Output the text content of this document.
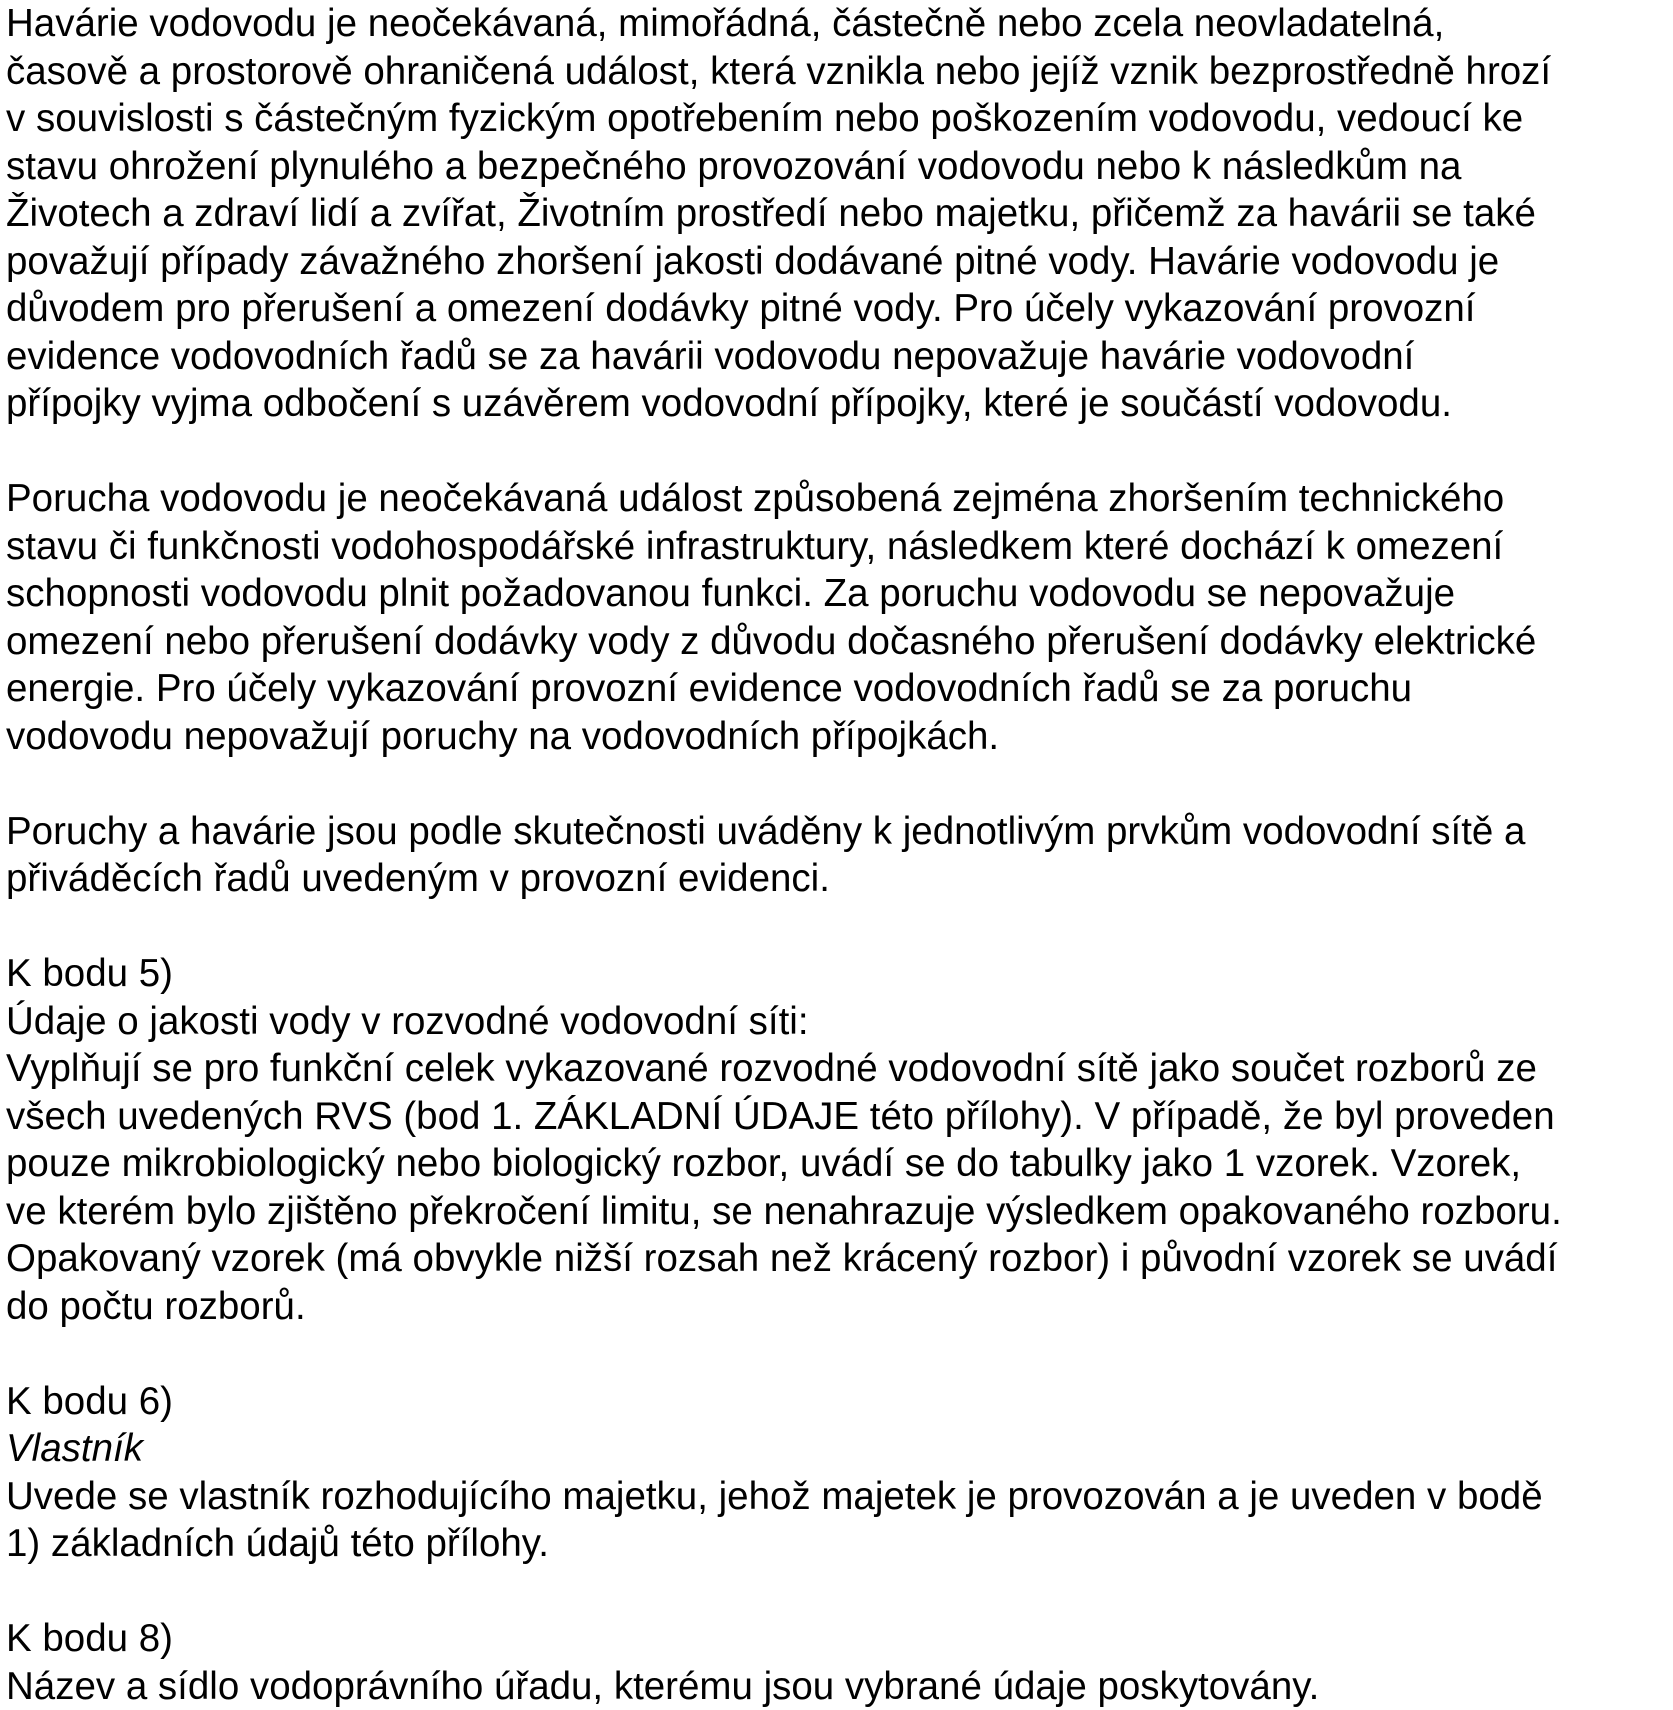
Havárie vodovodu je neočekávaná, mimořádná, částečně nebo zcela neovladatelná,
časově a prostorově ohraničená událost, která vznikla nebo jejíž vznik bezprostředně hrozí
v souvislosti s částečným fyzickým opotřebením nebo poškozením vodovodu, vedoucí ke
stavu ohrožení plynulého a bezpečného provozování vodovodu nebo k následkům na
Životech a zdraví lidí a zvířat, Životním prostředí nebo majetku, přičemž za havárii se také
považují případy závažného zhoršení jakosti dodávané pitné vody. Havárie vodovodu je
důvodem pro přerušení a omezení dodávky pitné vody. Pro účely vykazování provozní
evidence vodovodních řadů se za havárii vodovodu nepovažuje havárie vodovodní
přípojky vyjma odbočení s uzávěrem vodovodní přípojky, které je součástí vodovodu.

Porucha vodovodu je neočekávaná událost způsobená zejména zhoršením technického
stavu či funkčnosti vodohospodářské infrastruktury, následkem které dochází k omezení
schopnosti vodovodu plnit požadovanou funkci. Za poruchu vodovodu se nepovažuje
omezení nebo přerušení dodávky vody z důvodu dočasného přerušení dodávky elektrické
energie. Pro účely vykazování provozní evidence vodovodních řadů se za poruchu
vodovodu nepovažují poruchy na vodovodních přípojkách.

Poruchy a havárie jsou podle skutečnosti uváděny k jednotlivým prvkům vodovodní sítě a
přiváděcích řadů uvedeným v provozní evidenci.

K bodu 5)
Údaje o jakosti vody v rozvodné vodovodní síti:
Vyplňují se pro funkční celek vykazované rozvodné vodovodní sítě jako součet rozborů ze
všech uvedených RVS (bod 1. ZÁKLADNÍ ÚDAJE této přílohy). V případě, že byl proveden
pouze mikrobiologický nebo biologický rozbor, uvádí se do tabulky jako 1 vzorek. Vzorek,
ve kterém bylo zjištěno překročení limitu, se nenahrazuje výsledkem opakovaného rozboru.
Opakovaný vzorek (má obvykle nižší rozsah než krácený rozbor) i původní vzorek se uvádí
do počtu rozborů.
K bodu 6)
Vlastník
Uvede se vlastník rozhodujícího majetku, jehož majetek je provozován a je uveden v bodě
1) základních údajů této přílohy.
K bodu 8)
Název a sídlo vodoprávního úřadu, kterému jsou vybrané údaje poskytovány.
